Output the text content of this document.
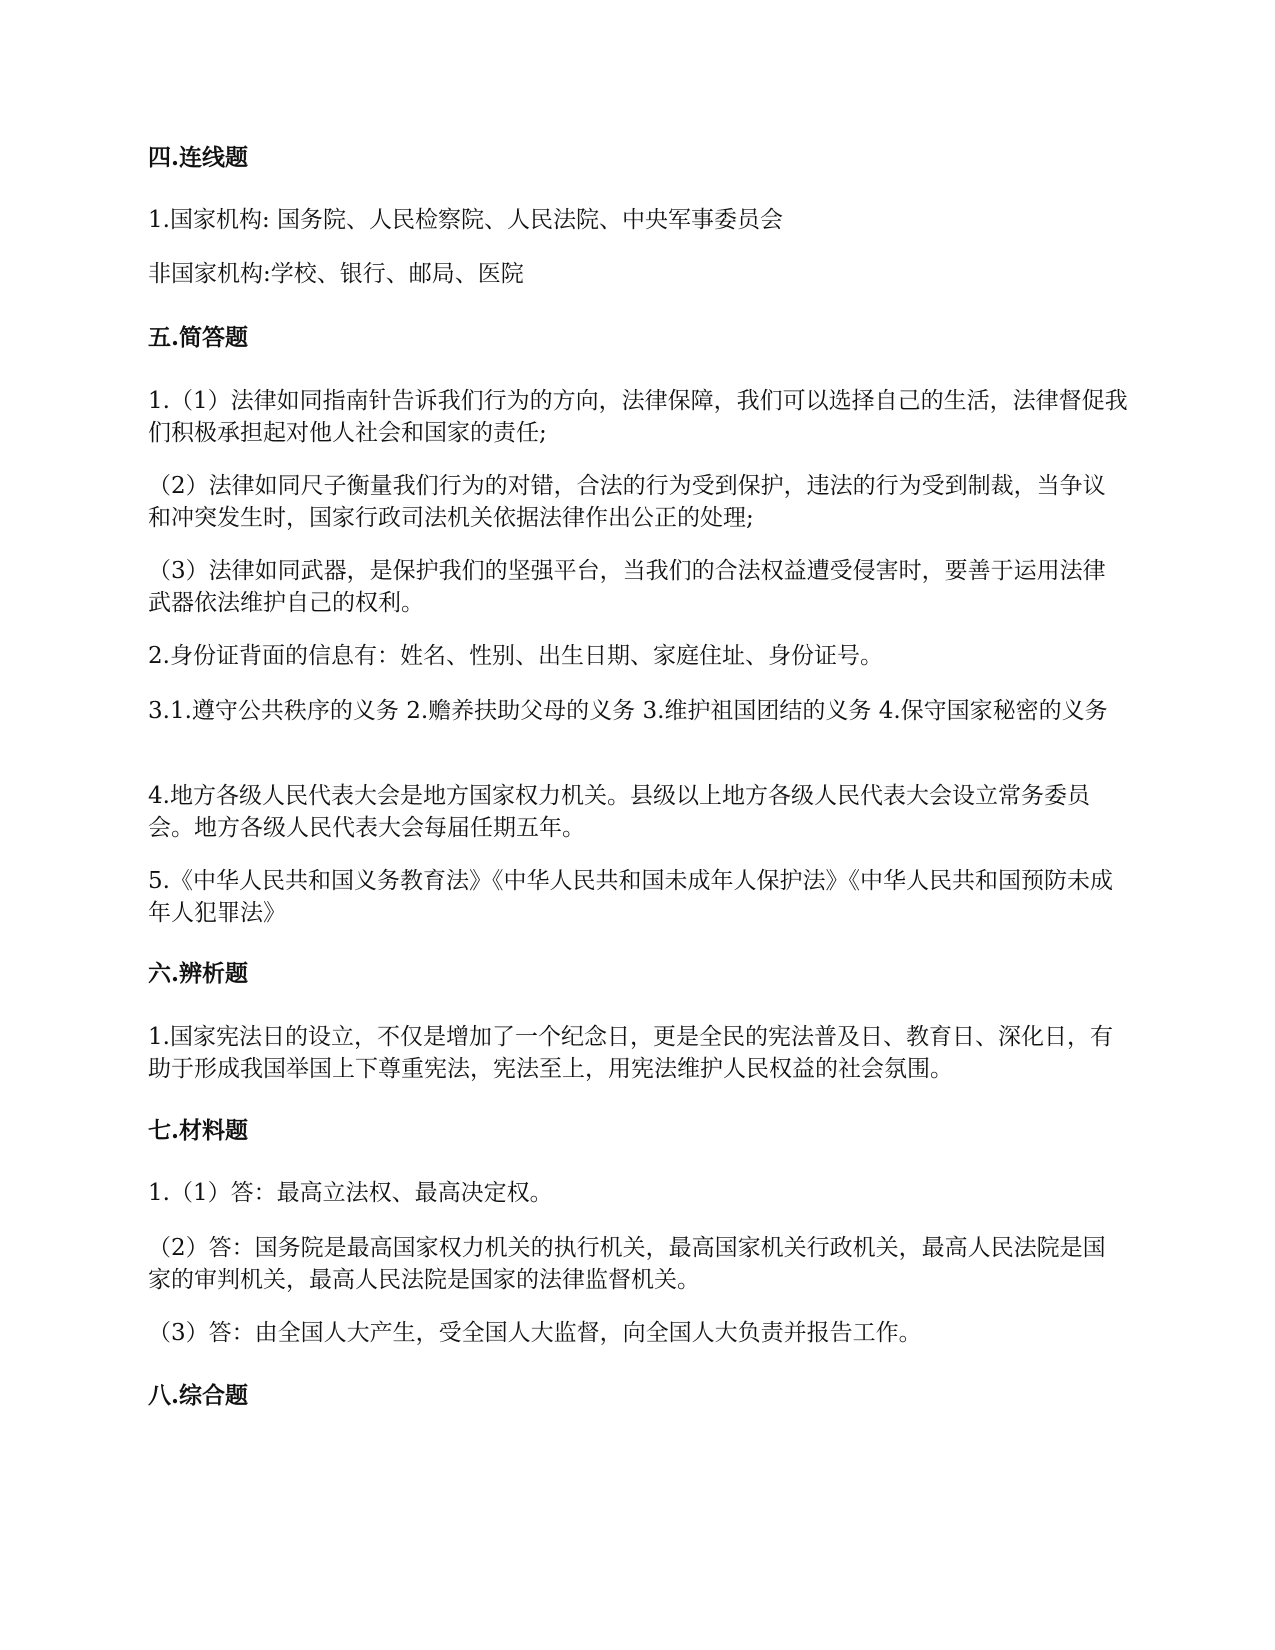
四.连线题
1.国家机构: 国务院、人民检察院、人民法院、中央军事委员会
非国家机构:学校、银行、邮局、医院
五.简答题
1.（1）法律如同指南针告诉我们行为的方向，法律保障，我们可以选择自己的生活，法律督促我们积极承担起对他人社会和国家的责任;
（2）法律如同尺子衡量我们行为的对错，合法的行为受到保护，违法的行为受到制裁，当争议和冲突发生时，国家行政司法机关依据法律作出公正的处理;
（3）法律如同武器，是保护我们的坚强平台，当我们的合法权益遭受侵害时，要善于运用法律武器依法维护自己的权利。
2.身份证背面的信息有：姓名、性别、出生日期、家庭住址、身份证号。
3.1.遵守公共秩序的义务 2.赡养扶助父母的义务 3.维护祖国团结的义务 4.保守国家秘密的义务
4.地方各级人民代表大会是地方国家权力机关。县级以上地方各级人民代表大会设立常务委员会。地方各级人民代表大会每届任期五年。
5.《中华人民共和国义务教育法》《中华人民共和国未成年人保护法》《中华人民共和国预防未成年人犯罪法》
六.辨析题
1.国家宪法日的设立，不仅是增加了一个纪念日，更是全民的宪法普及日、教育日、深化日，有助于形成我国举国上下尊重宪法，宪法至上，用宪法维护人民权益的社会氛围。
七.材料题
1.（1）答：最高立法权、最高决定权。
（2）答：国务院是最高国家权力机关的执行机关，最高国家机关行政机关，最高人民法院是国家的审判机关，最高人民法院是国家的法律监督机关。
（3）答：由全国人大产生，受全国人大监督，向全国人大负责并报告工作。
八.综合题
